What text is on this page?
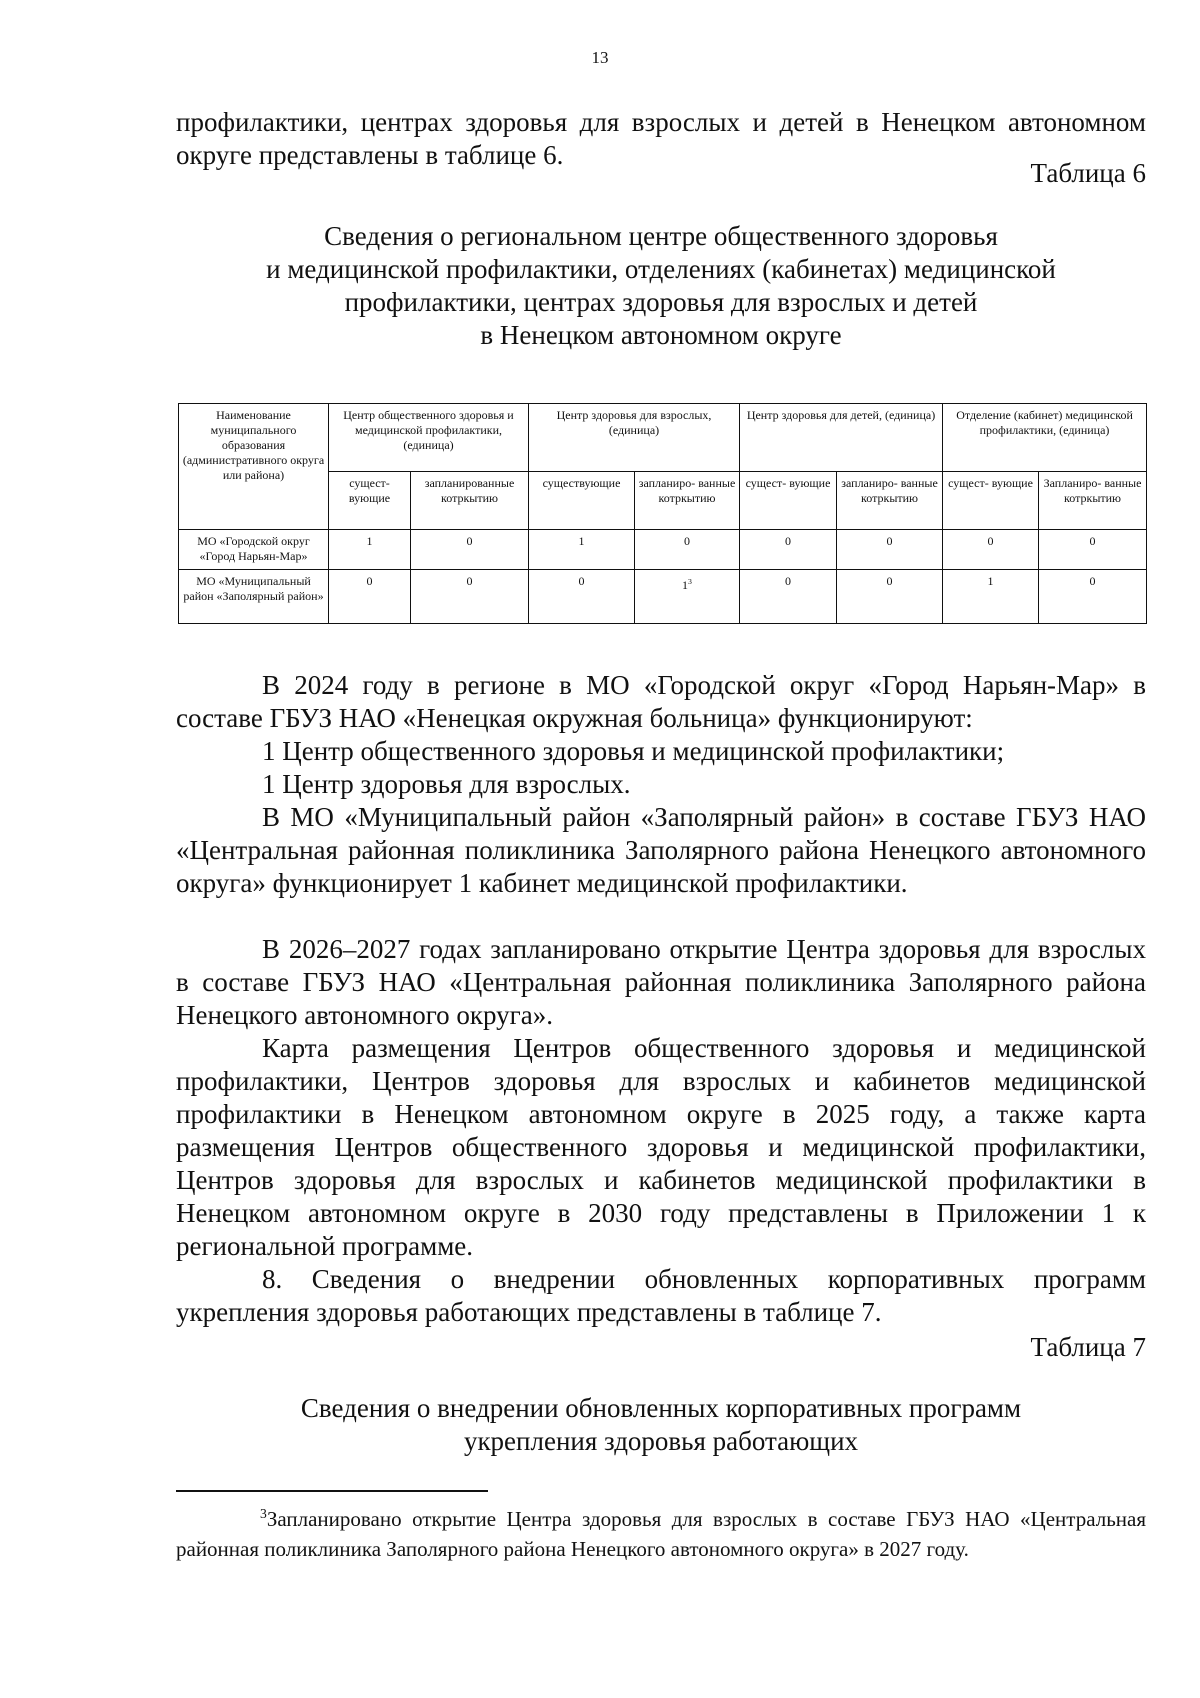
13
профилактики, центрах здоровья для взрослых и детей в Ненецком автономном округе представлены в таблице 6.
Таблица 6
Сведения о региональном центре общественного здоровья
и медицинской профилактики, отделениях (кабинетах) медицинской
профилактики, центрах здоровья для взрослых и детей
в Ненецком автономном округе
Наименование муниципального образования (административного округа или района)	Центр общественного здоровья и медицинской профилактики, (единица)		Центр здоровья для взрослых, (единица)		Центр здоровья для детей, (единица)		Отделение (кабинет) медицинской профилактики, (единица)	
	сущест- вующие	запланированные котркытию	существующие	запланиро- ванные котркытию	сущест- вующие	запланиро- ванные котркытию	сущест- вующие	Запланиро- ванные котркытию
МО «Городской округ «Город Нарьян-Мар»	1	0	1	0	0	0	0	0
МО «Муниципальный район «Заполярный район»	0	0	0	$1^3$	0	0	1	0
В 2024 году в регионе в МО «Городской округ «Город Нарьян-Мар» в составе ГБУЗ НАО «Ненецкая окружная больница» функционируют:
1 Центр общественного здоровья и медицинской профилактики;
1 Центр здоровья для взрослых.
В МО «Муниципальный район «Заполярный район» в составе ГБУЗ НАО «Центральная районная поликлиника Заполярного района Ненецкого автономного округа» функционирует 1 кабинет медицинской профилактики.
В 2026–2027 годах запланировано открытие Центра здоровья для взрослых в составе ГБУЗ НАО «Центральная районная поликлиника Заполярного района Ненецкого автономного округа».
Карта размещения Центров общественного здоровья и медицинской профилактики, Центров здоровья для взрослых и кабинетов медицинской профилактики в Ненецком автономном округе в 2025 году, а также карта размещения Центров общественного здоровья и медицинской профилактики, Центров здоровья для взрослых и кабинетов медицинской профилактики в Ненецком автономном округе в 2030 году представлены в Приложении 1 к региональной программе.
8. Сведения о внедрении обновленных корпоративных программ укрепления здоровья работающих представлены в таблице 7.
Таблица 7
Сведения о внедрении обновленных корпоративных программ
укрепления здоровья работающих
$^3$Запланировано открытие Центра здоровья для взрослых в составе ГБУЗ НАО «Центральная районная поликлиника Заполярного района Ненецкого автономного округа» в 2027 году.
